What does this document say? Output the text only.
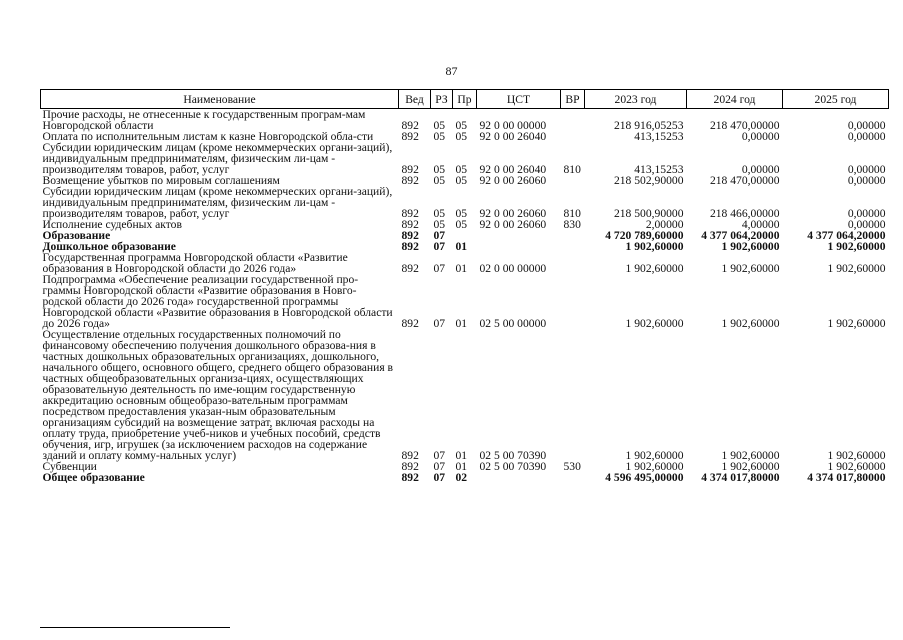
87
Наименование	Вед	РЗ	Пр	ЦСТ	ВР	2023 год	2024 год	2025 год
Прочие расходы, не отнесенные к государственным програм-мам Новгородской области	892	05	05	92 0 00 00000		218 916,05253	218 470,00000	0,00000
Оплата по исполнительным листам к казне Новгородской обла-сти	892	05	05	92 0 00 26040		413,15253	0,00000	0,00000
Субсидии юридическим лицам (кроме некоммерческих органи-заций), индивидуальным предпринимателям, физическим ли-цам - производителям товаров, работ, услуг	892	05	05	92 0 00 26040	810	413,15253	0,00000	0,00000
Возмещение убытков по мировым соглашениям	892	05	05	92 0 00 26060		218 502,90000	218 470,00000	0,00000
Субсидии юридическим лицам (кроме некоммерческих органи-заций), индивидуальным предпринимателям, физическим ли-цам - производителям товаров, работ, услуг	892	05	05	92 0 00 26060	810	218 500,90000	218 466,00000	0,00000
Исполнение судебных актов	892	05	05	92 0 00 26060	830	2,00000	4,00000	0,00000
Образование	892	07				4 720 789,60000	4 377 064,20000	4 377 064,20000
Дошкольное образование	892	07	01			1 902,60000	1 902,60000	1 902,60000
Государственная программа Новгородской области «Развитие образования в Новгородской области до 2026 года»	892	07	01	02 0 00 00000		1 902,60000	1 902,60000	1 902,60000
Подпрограмма «Обеспечение реализации государственной про-граммы Новгородской области «Развитие образования в Новго-родской области до 2026 года» государственной программы Новгородской области «Развитие образования в Новгородской области до 2026 года»	892	07	01	02 5 00 00000		1 902,60000	1 902,60000	1 902,60000
Осуществление отдельных государственных полномочий по финансовому обеспечению получения дошкольного образова-ния в частных дошкольных образовательных организациях, дошкольного, начального общего, основного общего, среднего общего образования в частных общеобразовательных организа-циях, осуществляющих образовательную деятельность по име-ющим государственную аккредитацию основным общеобразо-вательным программам посредством предоставления указан-ным образовательным организациям субсидий на возмещение затрат, включая расходы на оплату труда, приобретение учеб-ников и учебных пособий, средств обучения, игр, игрушек (за исключением расходов на содержание зданий и оплату комму-нальных услуг)	892	07	01	02 5 00 70390		1 902,60000	1 902,60000	1 902,60000
Субвенции	892	07	01	02 5 00 70390	530	1 902,60000	1 902,60000	1 902,60000
Общее образование	892	07	02			4 596 495,00000	4 374 017,80000	4 374 017,80000
